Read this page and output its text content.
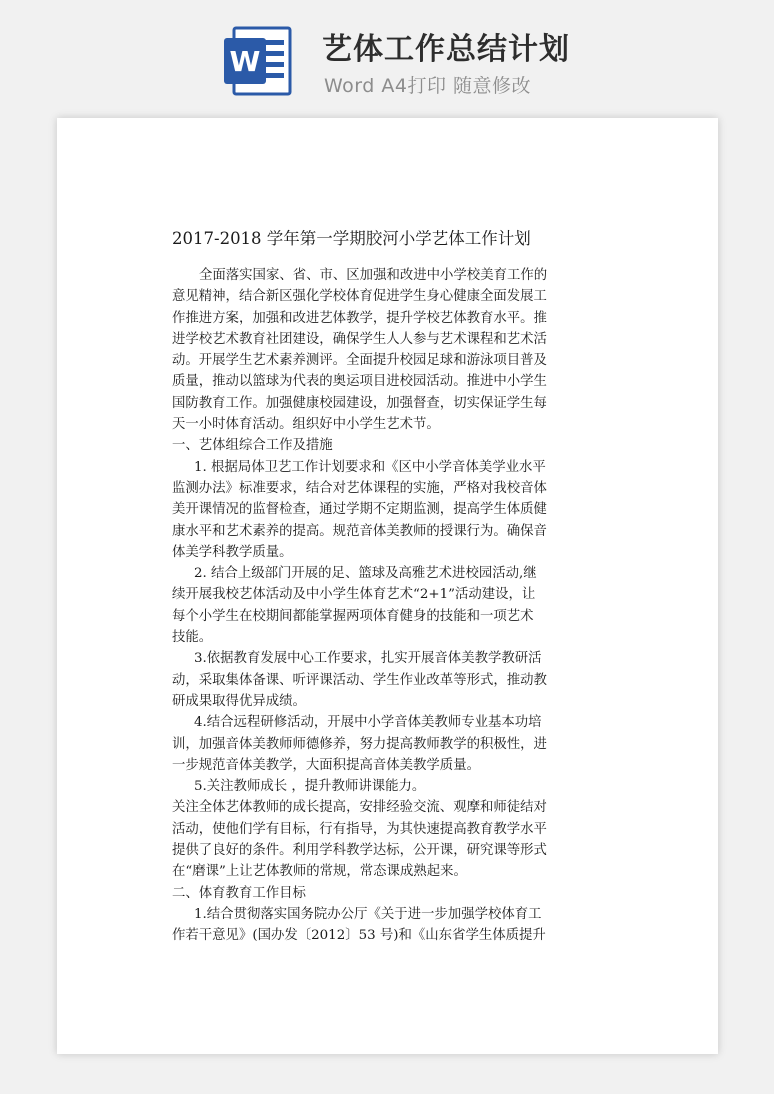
W 艺体工作总结计划
Word A4打印 随意修改
2017-2018 学年第一学期胶河小学艺体工作计划
全面落实国家、省、市、区加强和改进中小学校美育工作的
意见精神，结合新区强化学校体育促进学生身心健康全面发展工
作推进方案，加强和改进艺体教学，提升学校艺体教育水平。推
进学校艺术教育社团建设，确保学生人人参与艺术课程和艺术活
动。开展学生艺术素养测评。全面提升校园足球和游泳项目普及
质量，推动以篮球为代表的奥运项目进校园活动。推进中小学生
国防教育工作。加强健康校园建设，加强督查，切实保证学生每
天一小时体育活动。组织好中小学生艺术节。
一、艺体组综合工作及措施
1. 根据局体卫艺工作计划要求和《区中小学音体美学业水平
监测办法》标准要求，结合对艺体课程的实施，严格对我校音体
美开课情况的监督检查，通过学期不定期监测，提高学生体质健
康水平和艺术素养的提高。规范音体美教师的授课行为。确保音
体美学科教学质量。
2. 结合上级部门开展的足、篮球及高雅艺术进校园活动,继
续开展我校艺体活动及中小学生体育艺术“2+1”活动建设，让
每个小学生在校期间都能掌握两项体育健身的技能和一项艺术
技能。
3.依据教育发展中心工作要求，扎实开展音体美教学教研活
动，采取集体备课、听评课活动、学生作业改革等形式，推动教
研成果取得优异成绩。
4.结合远程研修活动，开展中小学音体美教师专业基本功培
训，加强音体美教师师德修养，努力提高教师教学的积极性，进
一步规范音体美教学，大面积提高音体美教学质量。
5.关注教师成长 ，提升教师讲课能力。
关注全体艺体教师的成长提高，安排经验交流、观摩和师徒结对
活动，使他们学有目标，行有指导，为其快速提高教育教学水平
提供了良好的条件。利用学科教学达标，公开课，研究课等形式
在“磨课”上让艺体教师的常规，常态课成熟起来。
二、体育教育工作目标
1.结合贯彻落实国务院办公厅《关于进一步加强学校体育工
作若干意见》(国办发〔2012〕53 号)和《山东省学生体质提升
